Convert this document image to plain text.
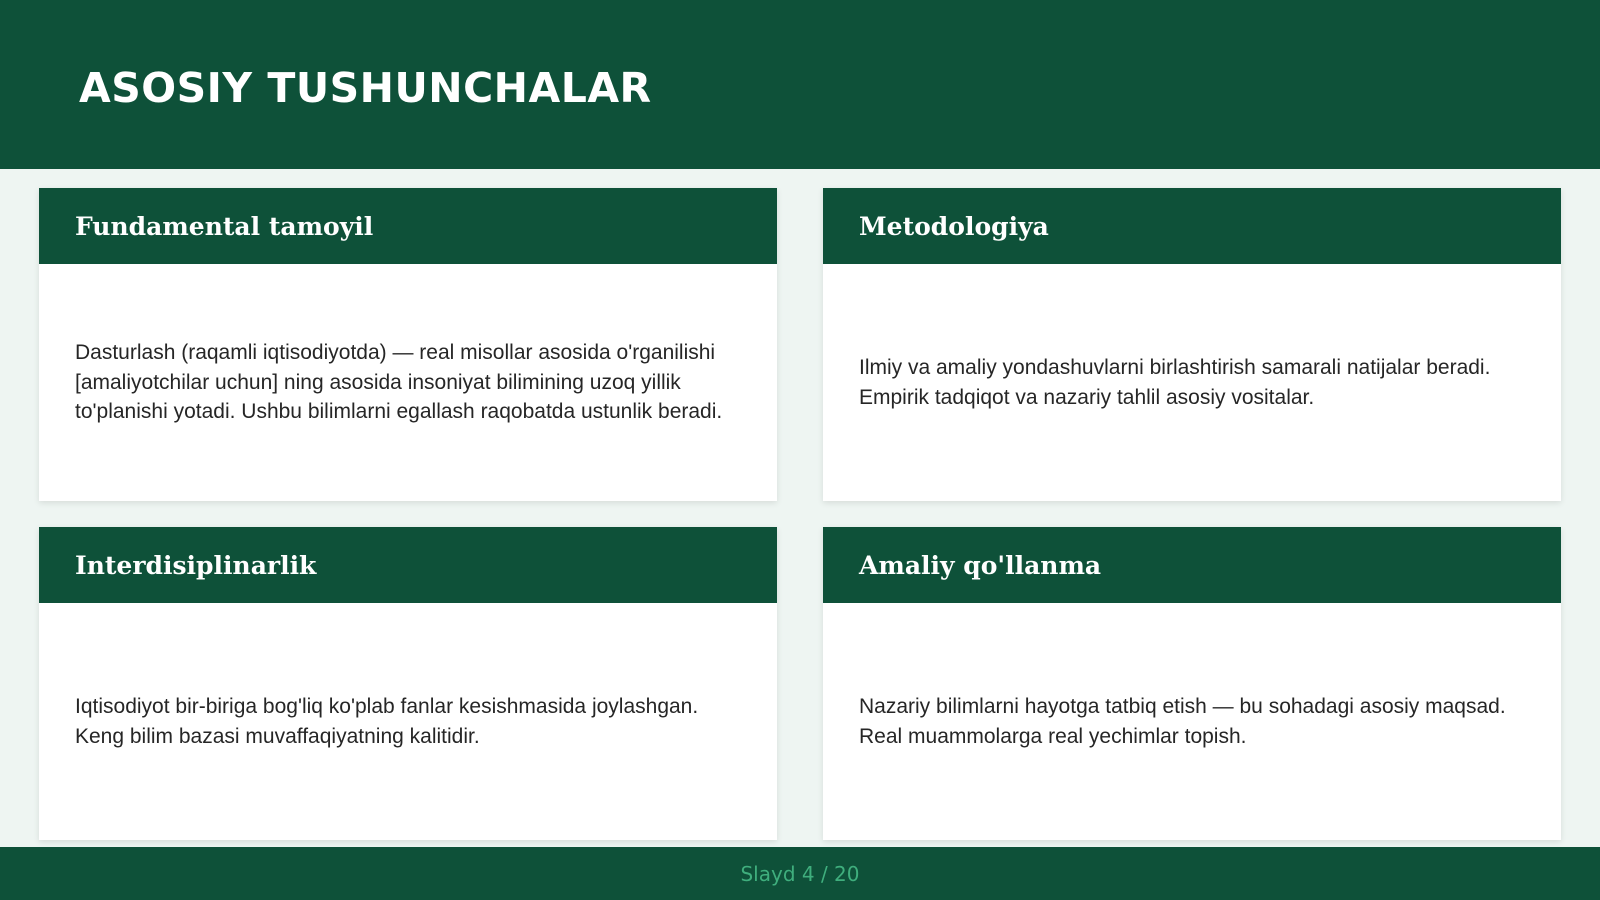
ASOSIY TUSHUNCHALAR
Fundamental tamoyil

Dasturlash (raqamli iqtisodiyotda) — real misollar asosida o'rganilishi [amaliyotchilar uchun] ning asosida insoniyat bilimining uzoq yillik to'planishi yotadi. Ushbu bilimlarni egallash raqobatda ustunlik beradi.

Metodologiya

Ilmiy va amaliy yondashuvlarni birlashtirish samarali natijalar beradi. Empirik tadqiqot va nazariy tahlil asosiy vositalar.

Interdisiplinarlik

Iqtisodiyot bir-biriga bog'liq ko'plab fanlar kesishmasida joylashgan. Keng bilim bazasi muvaffaqiyatning kalitidir.

Amaliy qo'llanma

Nazariy bilimlarni hayotga tatbiq etish — bu sohadagi asosiy maqsad. Real muammolarga real yechimlar topish.

Slayd 4 / 20
